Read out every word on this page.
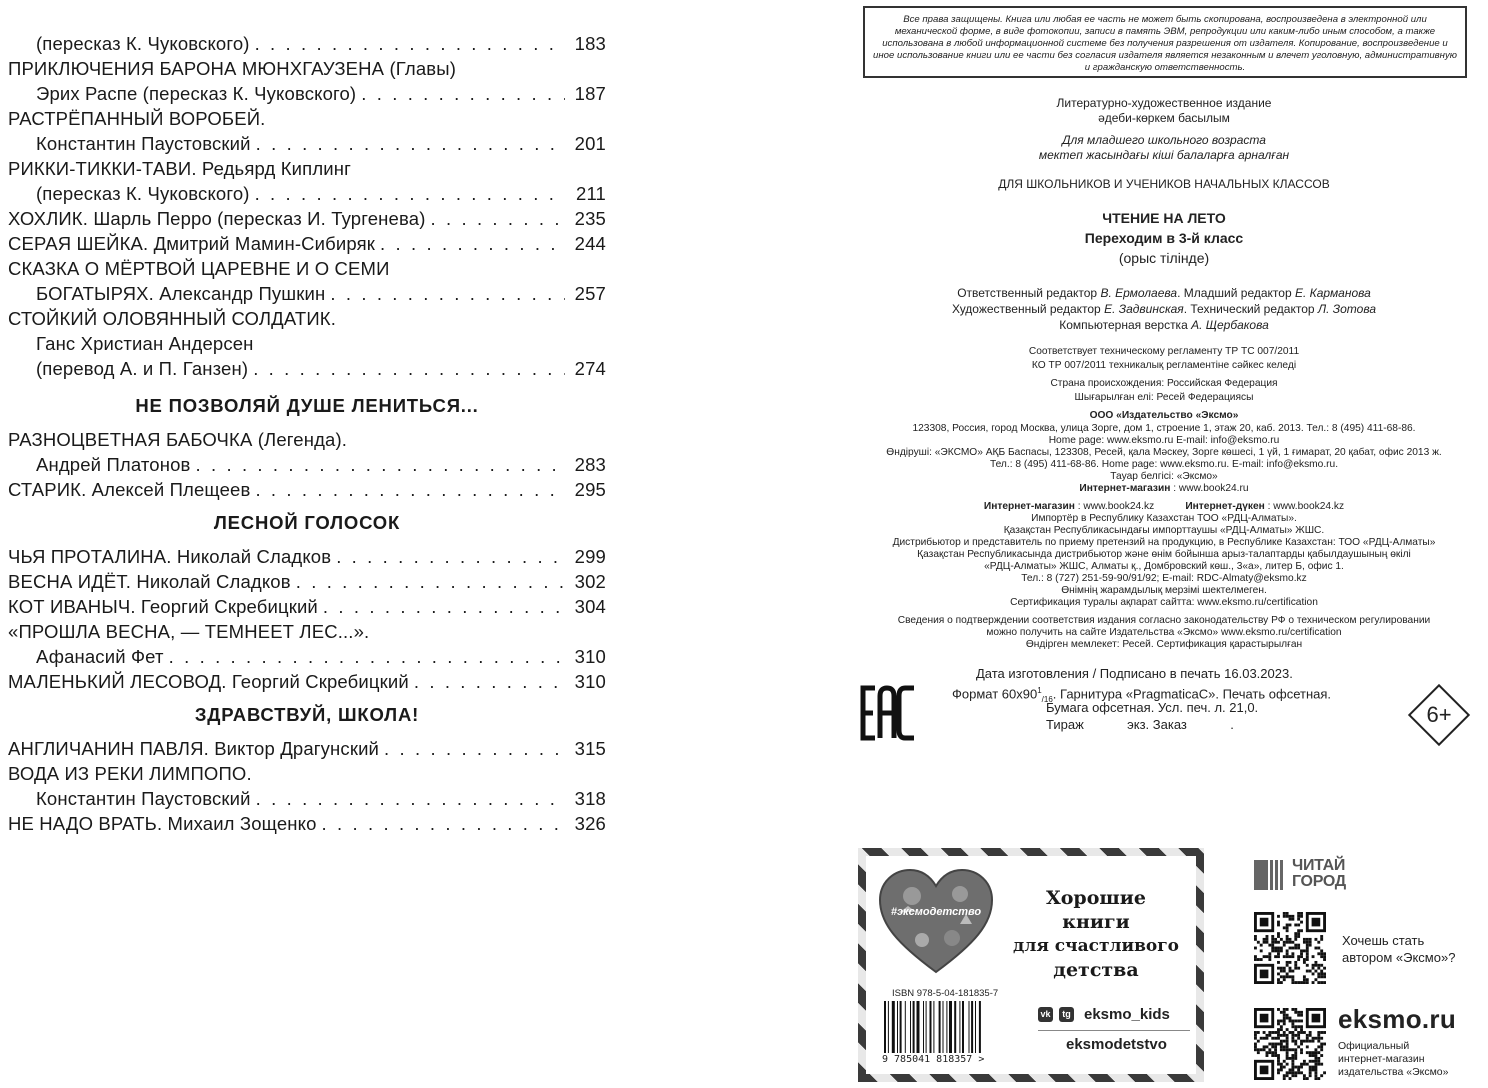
(пересказ К. Чуковского) . . .	183
ПРИКЛЮЧЕНИЯ БАРОНА МЮНХГАУЗЕНА (Главы)
Эрих Распе (пересказ К. Чуковского) . . .	187
РАСТРЁПАННЫЙ ВОРОБЕЙ.
Константин Паустовский . . .	201
РИККИ-ТИККИ-ТАВИ. Редьярд Киплинг
(пересказ К. Чуковского) . . .	211
ХОХЛИК. Шарль Перро (пересказ И. Тургенева) . . .	235
СЕРАЯ ШЕЙКА. Дмитрий Мамин-Сибиряк . . .	244
СКАЗКА О МЁРТВОЙ ЦАРЕВНЕ И О СЕМИ
БОГАТЫРЯХ. Александр Пушкин . . .	257
СТОЙКИЙ ОЛОВЯННЫЙ СОЛДАТИК.
Ганс Христиан Андерсен
(перевод А. и П. Ганзен) . . .	274
НЕ ПОЗВОЛЯЙ ДУШЕ ЛЕНИТЬСЯ...
РАЗНОЦВЕТНАЯ БАБОЧКА (Легенда).
Андрей Платонов . . .	283
СТАРИК. Алексей Плещеев . . .	295
ЛЕСНОЙ ГОЛОСОК
ЧЬЯ ПРОТАЛИНА. Николай Сладков . . .	299
ВЕСНА ИДЁТ. Николай Сладков . . .	302
КОТ ИВАНЫЧ. Георгий Скребицкий . . .	304
«ПРОШЛА ВЕСНА, — ТЕМНЕЕТ ЛЕС...».
Афанасий Фет . . .	310
МАЛЕНЬКИЙ ЛЕСОВОД. Георгий Скребицкий . . .	310
ЗДРАВСТВУЙ, ШКОЛА!
АНГЛИЧАНИН ПАВЛЯ. Виктор Драгунский . . .	315
ВОДА ИЗ РЕКИ ЛИМПОПО.
Константин Паустовский . . .	318
НЕ НАДО ВРАТЬ. Михаил Зощенко . . .	326
Все права защищены. Книга или любая ее часть не может быть скопирована, воспроизведена в электронной или механической форме, в виде фотокопии, записи в память ЭВМ, репродукции или каким-либо иным способом, а также использована в любой информационной системе без получения разрешения от издателя. Копирование, воспроизведение и иное использование книги или ее части без согласия издателя является незаконным и влечет уголовную, административную и гражданскую ответственность.
Литературно-художественное издание
әдеби-көркем басылым
Для младшего школьного возраста
мектеп жасындағы кіші балаларға арналған
ДЛЯ ШКОЛЬНИКОВ И УЧЕНИКОВ НАЧАЛЬНЫХ КЛАССОВ
ЧТЕНИЕ НА ЛЕТО
Переходим в 3-й класс
(орыс тілінде)
Ответственный редактор В. Ермолаева. Младший редактор Е. Карманова
Художественный редактор Е. Задвинская. Технический редактор Л. Зотова
Компьютерная верстка А. Щербакова
Соответствует техническому регламенту ТР ТС 007/2011
КО ТР 007/2011 техникалық регламентіне сәйкес келеді
Страна происхождения: Российская Федерация
Шығарылған елі: Ресей Федерациясы
ООО «Издательство «Эксмо»
123308, Россия, город Москва, улица Зорге, дом 1, строение 1, этаж 20, каб. 2013. Тел.: 8 (495) 411-68-86.
Home page: www.eksmo.ru E-mail: info@eksmo.ru
Өндіруші: «ЭКСМО» АҚБ Баспасы, 123308, Ресей, қала Мәскеу, Зорге көшесі, 1 үй, 1 ғимарат, 20 қабат, офис 2013 ж.
Тел.: 8 (495) 411-68-86. Home page: www.eksmo.ru. E-mail: info@eksmo.ru.
Тауар белгісі: «Эксмо»
Интернет-магазин : www.book24.ru
Интернет-магазин : www.book24.kz	Интернет-дүкен : www.book24.kz
Импортёр в Республику Казахстан ТОО «РДЦ-Алматы».
Қазақстан Республикасындағы импорттаушы «РДЦ-Алматы» ЖШС.
Дистрибьютор и представитель по приему претензий на продукцию, в Республике Казахстан: ТОО «РДЦ-Алматы»
Қазақстан Республикасында дистрибьютор және өнім бойынша арыз-талаптарды қабылдаушының өкілі
«РДЦ-Алматы» ЖШС, Алматы қ., Домбровский көш., 3«а», литер Б, офис 1.
Тел.: 8 (727) 251-59-90/91/92; E-mail: RDC-Almaty@eksmo.kz
Өнімнің жарамдылық мерзімі шектелмеген.
Сертификация туралы ақпарат сайтта: www.eksmo.ru/certification
Сведения о подтверждении соответствия издания согласно законодательству РФ о техническом регулировании
можно получить на сайте Издательства «Эксмо» www.eksmo.ru/certification
Өндірген мемлекет: Ресей. Сертификация қарастырылған
Дата изготовления / Подписано в печать 16.03.2023.
Формат $60x90^1_{/16}$. Гарнитура «PragmaticaC». Печать офсетная.
Бумага офсетная. Усл. печ. л. 21,0.
Тираж            экз. Заказ            .	6+
#эксмодетство
Хорошие
книги
для счастливого
детства
ISBN 978-5-04-181835-7
9 785041 818357 >
vk	tg eksmo_kids
eksmodetstvo
ЧИТАЙ
ГОРОД
Хочешь стать
автором «Эксмо»?
eksmo.ru
Официальный
интернет-магазин
издательства «Эксмо»
